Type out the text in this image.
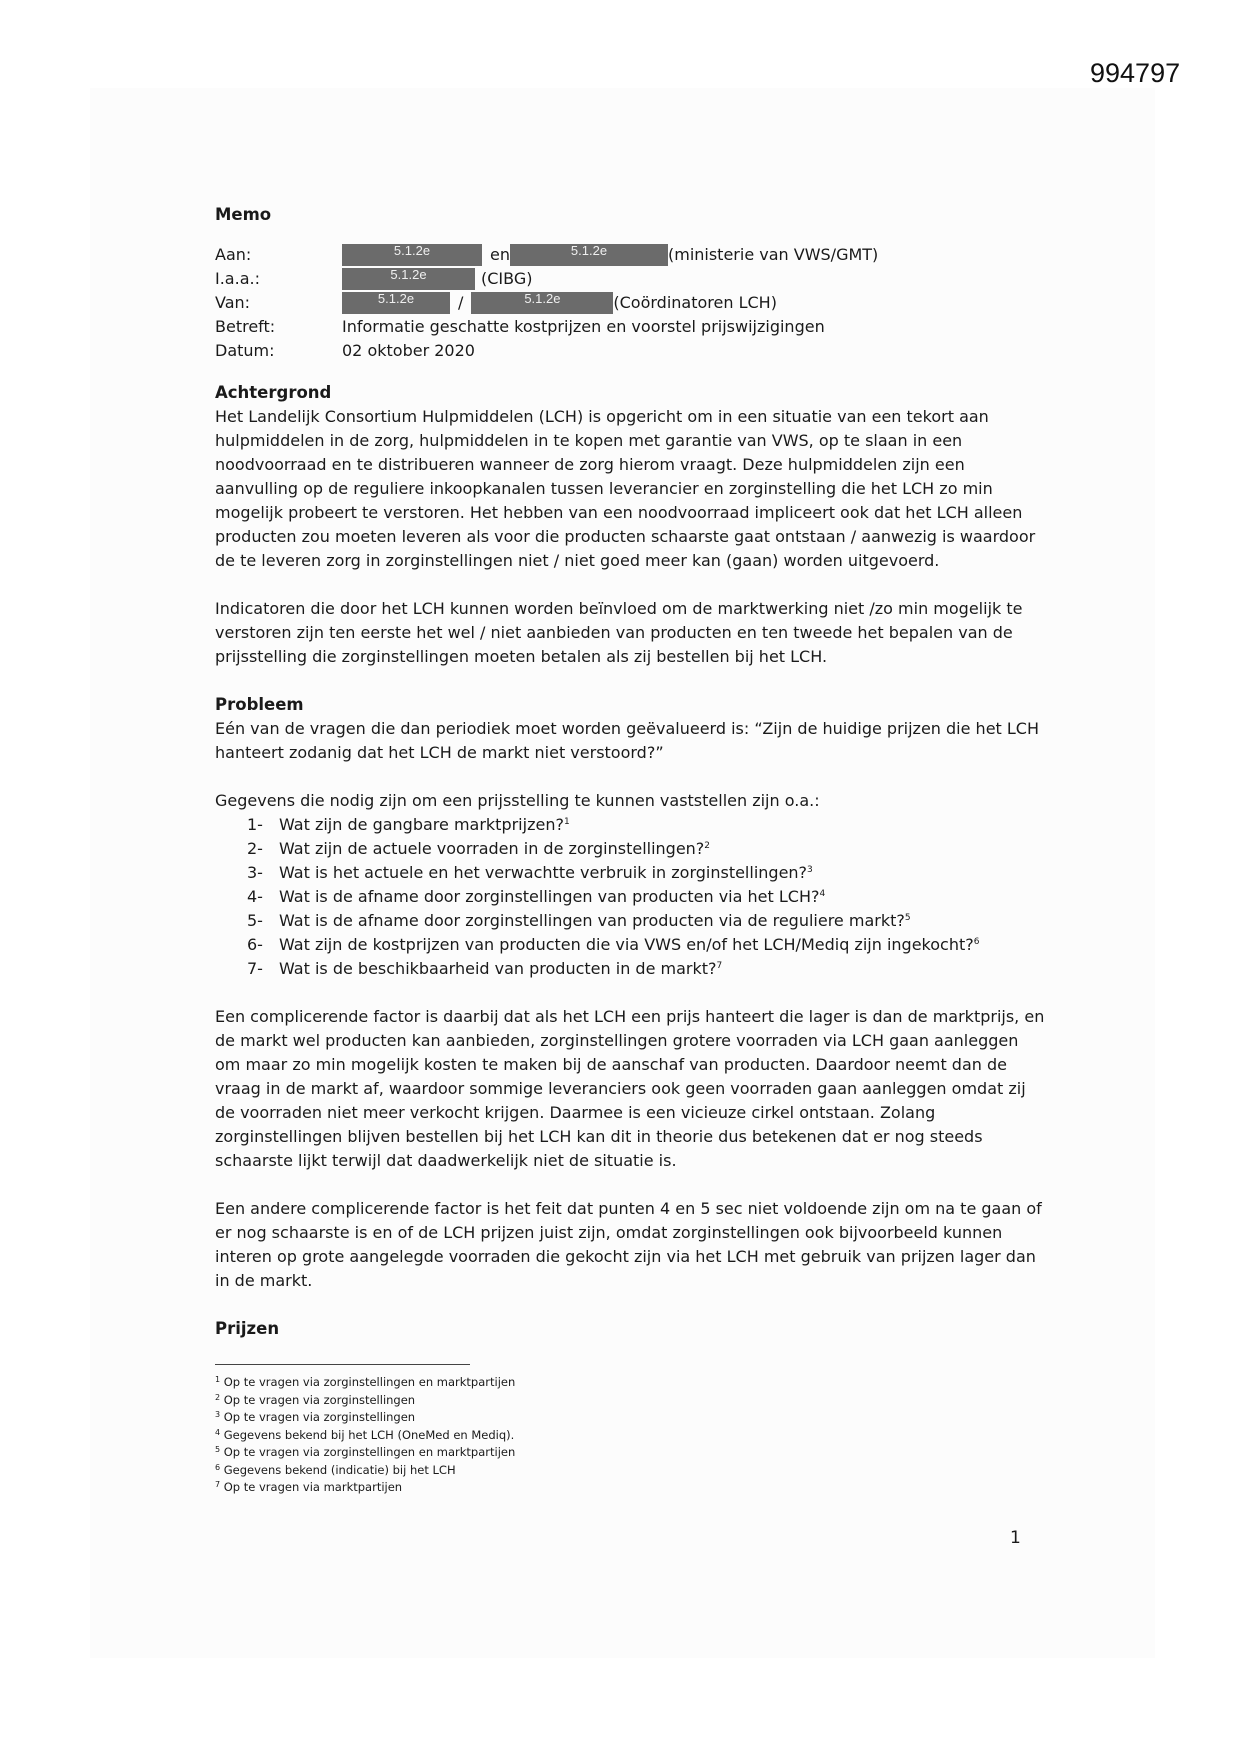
994797
Memo
Aan:	5.1.2e	en	5.1.2e	(ministerie van VWS/GMT)
I.a.a.:	5.1.2e	(CIBG)
Van:	5.1.2e	/	5.1.2e	(Coördinatoren LCH)
Betreft:	Informatie geschatte kostprijzen en voorstel prijswijzigingen
Datum:	02 oktober 2020
Achtergrond

Het Landelijk Consortium Hulpmiddelen (LCH) is opgericht om in een situatie van een tekort aan hulpmiddelen in de zorg, hulpmiddelen in te kopen met garantie van VWS, op te slaan in een noodvoorraad en te distribueren wanneer de zorg hierom vraagt. Deze hulpmiddelen zijn een aanvulling op de reguliere inkoopkanalen tussen leverancier en zorginstelling die het LCH zo min mogelijk probeert te verstoren. Het hebben van een noodvoorraad impliceert ook dat het LCH alleen producten zou moeten leveren als voor die producten schaarste gaat ontstaan / aanwezig is waardoor de te leveren zorg in zorginstellingen niet / niet goed meer kan (gaan) worden uitgevoerd.

Indicatoren die door het LCH kunnen worden beïnvloed om de marktwerking niet /zo min mogelijk te verstoren zijn ten eerste het wel / niet aanbieden van producten en ten tweede het bepalen van de prijsstelling die zorginstellingen moeten betalen als zij bestellen bij het LCH.

Probleem

Eén van de vragen die dan periodiek moet worden geëvalueerd is: “Zijn de huidige prijzen die het LCH hanteert zodanig dat het LCH de markt niet verstoord?”

Gegevens die nodig zijn om een prijsstelling te kunnen vaststellen zijn o.a.:

1-	Wat zijn de gangbare marktprijzen?$^1$
2-	Wat zijn de actuele voorraden in de zorginstellingen?$^2$
3-	Wat is het actuele en het verwachtte verbruik in zorginstellingen?$^3$
4-	Wat is de afname door zorginstellingen van producten via het LCH?$^4$
5-	Wat is de afname door zorginstellingen van producten via de reguliere markt?$^5$
6-	Wat zijn de kostprijzen van producten die via VWS en/of het LCH/Mediq zijn ingekocht?$^6$
7-	Wat is de beschikbaarheid van producten in de markt?$^7$

Een complicerende factor is daarbij dat als het LCH een prijs hanteert die lager is dan de marktprijs, en de markt wel producten kan aanbieden, zorginstellingen grotere voorraden via LCH gaan aanleggen om maar zo min mogelijk kosten te maken bij de aanschaf van producten. Daardoor neemt dan de vraag in de markt af, waardoor sommige leveranciers ook geen voorraden gaan aanleggen omdat zij de voorraden niet meer verkocht krijgen. Daarmee is een vicieuze cirkel ontstaan. Zolang zorginstellingen blijven bestellen bij het LCH kan dit in theorie dus betekenen dat er nog steeds schaarste lijkt terwijl dat daadwerkelijk niet de situatie is.

Een andere complicerende factor is het feit dat punten 4 en 5 sec niet voldoende zijn om na te gaan of er nog schaarste is en of de LCH prijzen juist zijn, omdat zorginstellingen ook bijvoorbeeld kunnen interen op grote aangelegde voorraden die gekocht zijn via het LCH met gebruik van prijzen lager dan in de markt.

Prijzen
$^1$ Op te vragen via zorginstellingen en marktpartijen
$^2$ Op te vragen via zorginstellingen
$^3$ Op te vragen via zorginstellingen
$^4$ Gegevens bekend bij het LCH (OneMed en Mediq).
$^5$ Op te vragen via zorginstellingen en marktpartijen
$^6$ Gegevens bekend (indicatie) bij het LCH
$^7$ Op te vragen via marktpartijen
1
